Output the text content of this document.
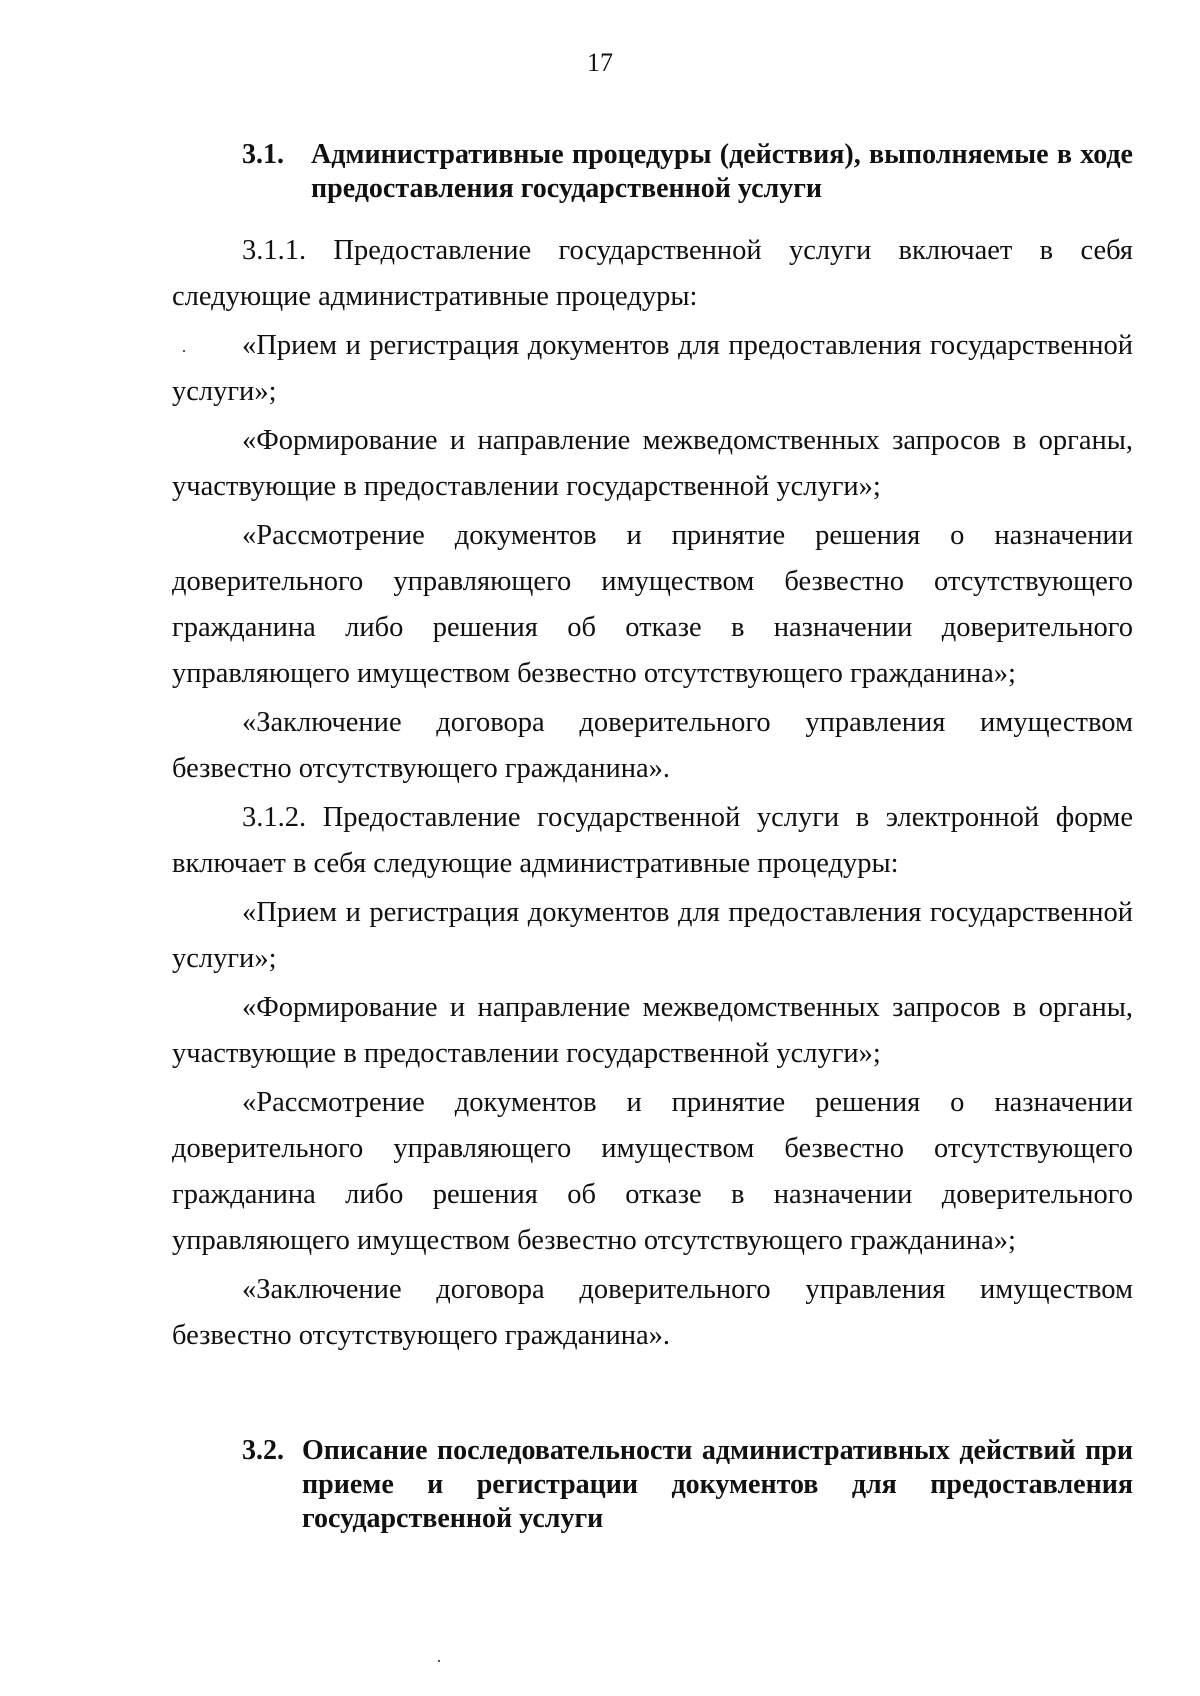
17
3.1. Административные процедуры (действия), выполняемые в ходе предоставления государственной услуги

3.1.1. Предоставление государственной услуги включает в себя следующие административные процедуры:

«Прием и регистрация документов для предоставления государственной услуги»;

«Формирование и направление межведомственных запросов в органы, участвующие в предоставлении государственной услуги»;

«Рассмотрение документов и принятие решения о назначении доверительного управляющего имуществом безвестно отсутствующего гражданина либо решения об отказе в назначении доверительного управляющего имуществом безвестно отсутствующего гражданина»;

«Заключение договора доверительного управления имуществом безвестно отсутствующего гражданина».

3.1.2. Предоставление государственной услуги в электронной форме включает в себя следующие административные процедуры:

«Прием и регистрация документов для предоставления государственной услуги»;

«Формирование и направление межведомственных запросов в органы, участвующие в предоставлении государственной услуги»;

«Рассмотрение документов и принятие решения о назначении доверительного управляющего имуществом безвестно отсутствующего гражданина либо решения об отказе в назначении доверительного управляющего имуществом безвестно отсутствующего гражданина»;

«Заключение договора доверительного управления имуществом безвестно отсутствующего гражданина».

3.2. Описание последовательности административных действий при приеме и регистрации документов для предоставления государственной услуги
